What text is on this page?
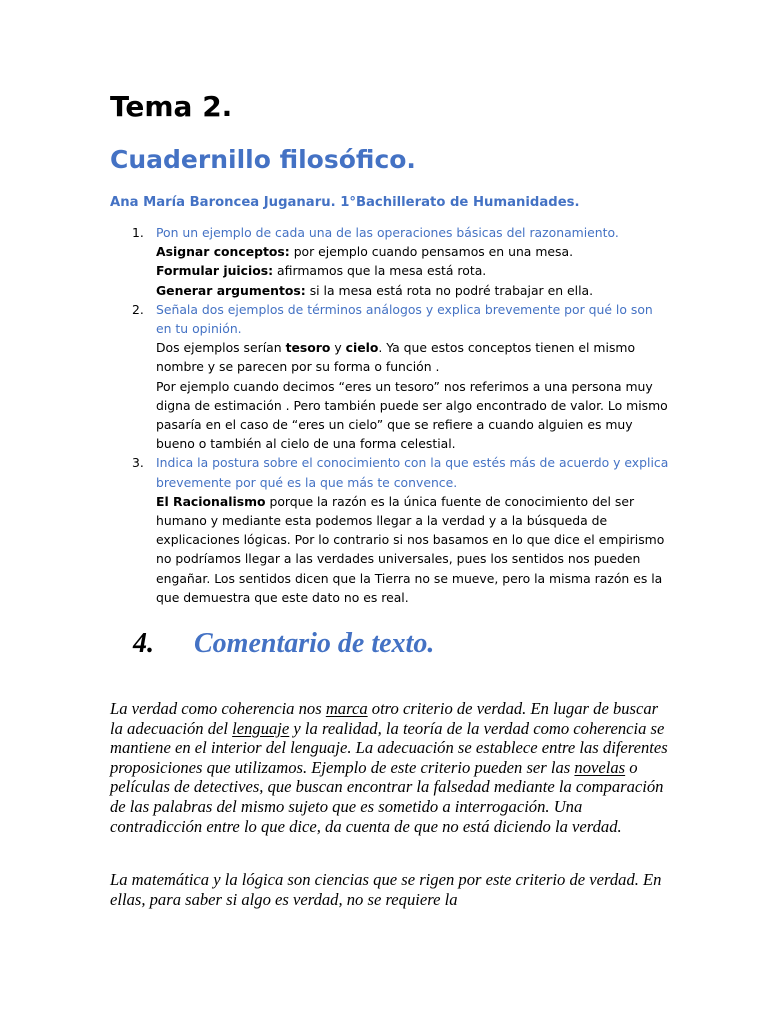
Tema 2.
Cuadernillo filosófico.

Ana María Baroncea Juganaru. 1°Bachillerato de Humanidades.

1. Pon un ejemplo de cada una de las operaciones básicas del razonamiento.
Asignar conceptos: por ejemplo cuando pensamos en una mesa.
Formular juicios: afirmamos que la mesa está rota.
Generar argumentos: si la mesa está rota no podré trabajar en ella.
2. Señala dos ejemplos de términos análogos y explica brevemente por qué lo son en tu opinión.
Dos ejemplos serían tesoro y cielo. Ya que estos conceptos tienen el mismo nombre y se parecen por su forma o función .
Por ejemplo cuando decimos “eres un tesoro” nos referimos a una persona muy digna de estimación . Pero también puede ser algo encontrado de valor. Lo mismo pasaría en el caso de “eres un cielo” que se refiere a cuando alguien es muy bueno o también al cielo de una forma celestial.
3. Indica la postura sobre el conocimiento con la que estés más de acuerdo y explica brevemente por qué es la que más te convence.
El Racionalismo porque la razón es la única fuente de conocimiento del ser humano y mediante esta podemos llegar a la verdad y a la búsqueda de explicaciones lógicas. Por lo contrario si nos basamos en lo que dice el empirismo no podríamos llegar a las verdades universales, pues los sentidos nos pueden engañar. Los sentidos dicen que la Tierra no se mueve, pero la misma razón es la que demuestra que este dato no es real.
4. Comentario de texto.

La verdad como coherencia nos marca otro criterio de verdad. En lugar de buscar la adecuación del lenguaje y la realidad, la teoría de la verdad como coherencia se mantiene en el interior del lenguaje. La adecuación se establece entre las diferentes proposiciones que utilizamos. Ejemplo de este criterio pueden ser las novelas o películas de detectives, que buscan encontrar la falsedad mediante la comparación de las palabras del mismo sujeto que es sometido a interrogación. Una contradicción entre lo que dice, da cuenta de que no está diciendo la verdad.

La matemática y la lógica son ciencias que se rigen por este criterio de verdad. En ellas, para saber si algo es verdad, no se requiere la
